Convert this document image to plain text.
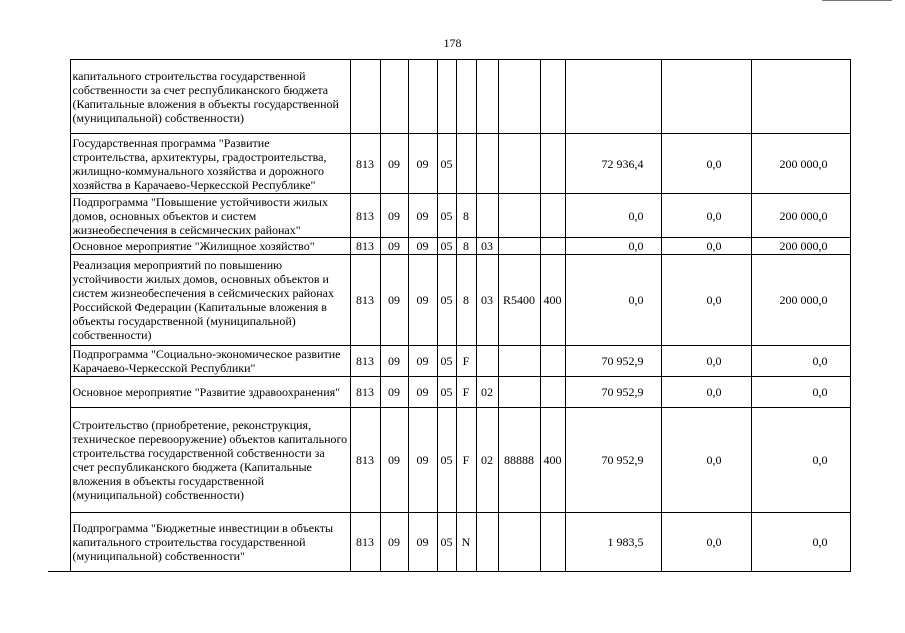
178
	капитального строительства государственной собственности за счет республиканского бюджета (Капитальные вложения в объекты государственной (муниципальной) собственности)											
	Государственная программа "Развитие строительства, архитектуры, градостроительства, жилищно-коммунального хозяйства и дорожного хозяйства в Карачаево-Черкесской Республике"	813	09	09	05					72 936,4	0,0	200 000,0
	Подпрограмма "Повышение устойчивости жилых домов, основных объектов и систем жизнеобеспечения в сейсмических районах"	813	09	09	05	8				0,0	0,0	200 000,0
	Основное мероприятие "Жилищное хозяйство"	813	09	09	05	8	03			0,0	0,0	200 000,0
	Реализация мероприятий по повышению устойчивости жилых домов, основных объектов и систем жизнеобеспечения в сейсмических районах Российской Федерации (Капитальные вложения в объекты государственной (муниципальной) собственности)	813	09	09	05	8	03	R5400	400	0,0	0,0	200 000,0
	Подпрограмма "Социально-экономическое развитие Карачаево-Черкесской Республики"	813	09	09	05	F				70 952,9	0,0	0,0
	Основное мероприятие "Развитие здравоохранения"	813	09	09	05	F	02			70 952,9	0,0	0,0
	Строительство (приобретение, реконструкция, техническое перевооружение) объектов капитального строительства государственной собственности за счет республиканского бюджета (Капитальные вложения в объекты государственной (муниципальной) собственности)	813	09	09	05	F	02	88888	400	70 952,9	0,0	0,0
	Подпрограмма "Бюджетные инвестиции в объекты капитального строительства государственной (муниципальной) собственности"	813	09	09	05	N				1 983,5	0,0	0,0
